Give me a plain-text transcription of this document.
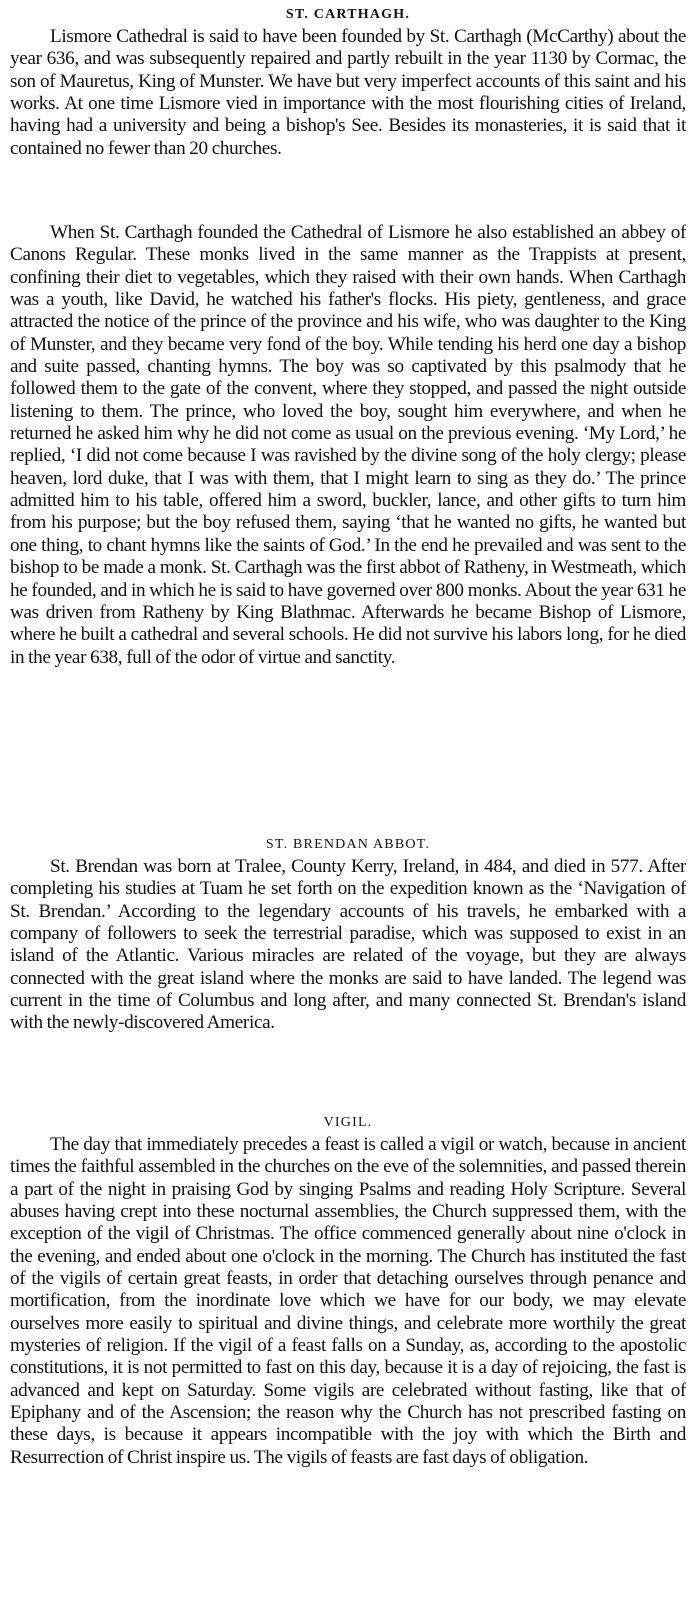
ST. CARTHAGH.

Lismore Cathedral is said to have been founded by St. Carthagh (McCarthy) about the year 636, and was subsequently repaired and partly rebuilt in the year 1130 by Cormac, the son of Mauretus, King of Munster. We have but very imperfect accounts of this saint and his works. At one time Lismore vied in importance with the most flourishing cities of Ireland, having had a university and being a bishop's See. Besides its monasteries, it is said that it contained no fewer than 20 churches.

When St. Carthagh founded the Cathedral of Lismore he also established an abbey of Canons Regular. These monks lived in the same manner as the Trappists at present, confining their diet to vegetables, which they raised with their own hands. When Carthagh was a youth, like David, he watched his father's flocks. His piety, gentleness, and grace attracted the notice of the prince of the province and his wife, who was daughter to the King of Munster, and they became very fond of the boy. While tending his herd one day a bishop and suite passed, chanting hymns. The boy was so captivated by this psalmody that he followed them to the gate of the convent, where they stopped, and passed the night outside listening to them. The prince, who loved the boy, sought him everywhere, and when he returned he asked him why he did not come as usual on the previous evening. ‘My Lord,’ he replied, ‘I did not come because I was ravished by the divine song of the holy clergy; please heaven, lord duke, that I was with them, that I might learn to sing as they do.’ The prince admitted him to his table, offered him a sword, buckler, lance, and other gifts to turn him from his purpose; but the boy refused them, saying ‘that he wanted no gifts, he wanted but one thing, to chant hymns like the saints of God.’ In the end he prevailed and was sent to the bishop to be made a monk. St. Carthagh was the first abbot of Ratheny, in Westmeath, which he founded, and in which he is said to have governed over 800 monks. About the year 631 he was driven from Ratheny by King Blathmac. Afterwards he became Bishop of Lismore, where he built a cathedral and several schools. He did not survive his labors long, for he died in the year 638, full of the odor of virtue and sanctity.

ST. BRENDAN ABBOT.

St. Brendan was born at Tralee, County Kerry, Ireland, in 484, and died in 577. After completing his studies at Tuam he set forth on the expedition known as the ‘Navigation of St. Brendan.’ According to the legendary accounts of his travels, he embarked with a company of followers to seek the terrestrial paradise, which was supposed to exist in an island of the Atlantic. Various miracles are related of the voyage, but they are always connected with the great island where the monks are said to have landed. The legend was current in the time of Columbus and long after, and many connected St. Brendan's island with the newly-discovered America.

VIGIL.

The day that immediately precedes a feast is called a vigil or watch, because in ancient times the faithful assembled in the churches on the eve of the solemnities, and passed therein a part of the night in praising God by singing Psalms and reading Holy Scripture. Several abuses having crept into these nocturnal assemblies, the Church suppressed them, with the exception of the vigil of Christmas. The office commenced generally about nine o'clock in the evening, and ended about one o'clock in the morning. The Church has instituted the fast of the vigils of certain great feasts, in order that detaching ourselves through penance and mortification, from the inordinate love which we have for our body, we may elevate ourselves more easily to spiritual and divine things, and celebrate more worthily the great mysteries of religion. If the vigil of a feast falls on a Sunday, as, according to the apostolic constitutions, it is not permitted to fast on this day, because it is a day of rejoicing, the fast is advanced and kept on Saturday. Some vigils are celebrated without fasting, like that of Epiphany and of the Ascension; the reason why the Church has not prescribed fasting on these days, is because it appears incompatible with the joy with which the Birth and Resurrection of Christ inspire us. The vigils of feasts are fast days of obligation.
